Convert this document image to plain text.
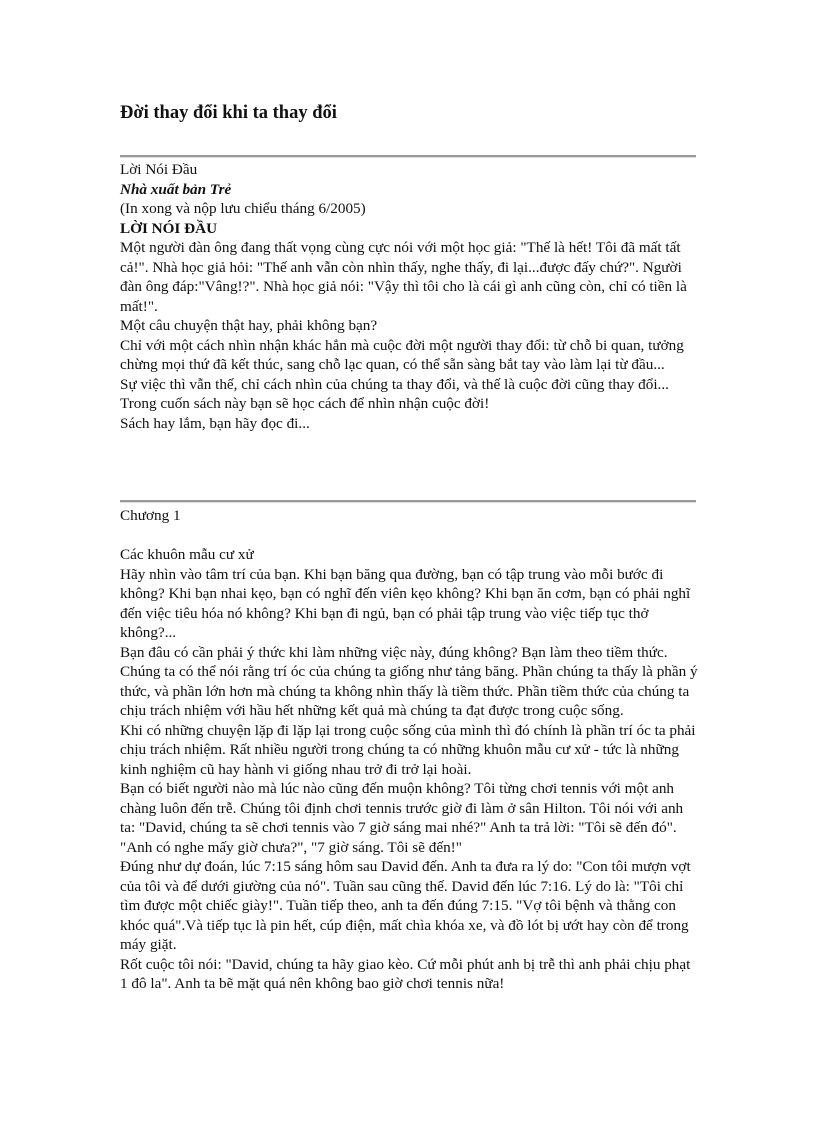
Đời thay đổi khi ta thay đổi

Lời Nói Đầu

Nhà xuất bản Trẻ

(In xong và nộp lưu chiểu tháng 6/2005)

LỜI NÓI ĐẦU

Một người đàn ông đang thất vọng cùng cực nói với một học giả: "Thế là hết! Tôi đã mất tất cả!". Nhà học giả hỏi: "Thế anh vẫn còn nhìn thấy, nghe thấy, đi lại...được đấy chứ?". Người đàn ông đáp:"Vâng!?". Nhà học giả nói: "Vậy thì tôi cho là cái gì anh cũng còn, chỉ có tiền là mất!".

Một câu chuyện thật hay, phải không bạn?

Chỉ với một cách nhìn nhận khác hẳn mà cuộc đời một người thay đổi: từ chỗ bi quan, tưởng chừng mọi thứ đã kết thúc, sang chỗ lạc quan, có thể sẵn sàng bắt tay vào làm lại từ đầu...

Sự việc thì vẫn thế, chỉ cách nhìn của chúng ta thay đổi, và thế là cuộc đời cũng thay đổi...

Trong cuốn sách này bạn sẽ học cách để nhìn nhận cuộc đời!

Sách hay lắm, bạn hãy đọc đi...

Chương 1

Các khuôn mẫu cư xử

Hãy nhìn vào tâm trí của bạn. Khi bạn băng qua đường, bạn có tập trung vào mỗi bước đi không? Khi bạn nhai kẹo, bạn có nghĩ đến viên kẹo không? Khi bạn ăn cơm, bạn có phải nghĩ đến việc tiêu hóa nó không? Khi bạn đi ngủ, bạn có phải tập trung vào việc tiếp tục thở không?...

Bạn đâu có cần phải ý thức khi làm những việc này, đúng không? Bạn làm theo tiềm thức. Chúng ta có thể nói rằng trí óc của chúng ta giống như tảng băng. Phần chúng ta thấy là phần ý thức, và phần lớn hơn mà chúng ta không nhìn thấy là tiềm thức. Phần tiềm thức của chúng ta chịu trách nhiệm với hầu hết những kết quả mà chúng ta đạt được trong cuộc sống.

Khi có những chuyện lặp đi lặp lại trong cuộc sống của mình thì đó chính là phần trí óc ta phải chịu trách nhiệm. Rất nhiều người trong chúng ta có những khuôn mẫu cư xử - tức là những kinh nghiệm cũ hay hành vi giống nhau trở đi trở lại hoài.

Bạn có biết người nào mà lúc nào cũng đến muộn không? Tôi từng chơi tennis với một anh chàng luôn đến trễ. Chúng tôi định chơi tennis trước giờ đi làm ở sân Hilton. Tôi nói với anh ta: "David, chúng ta sẽ chơi tennis vào 7 giờ sáng mai nhé?" Anh ta trả lời: "Tôi sẽ đến đó". "Anh có nghe mấy giờ chưa?", "7 giờ sáng. Tôi sẽ đến!"

Đúng như dự đoán, lúc 7:15 sáng hôm sau David đến. Anh ta đưa ra lý do: "Con tôi mượn vợt của tôi và để dưới giường của nó". Tuần sau cũng thế. David đến lúc 7:16. Lý do là: "Tôi chỉ tìm được một chiếc giày!". Tuần tiếp theo, anh ta đến đúng 7:15. "Vợ tôi bệnh và thằng con khóc quá".Và tiếp tục là pin hết, cúp điện, mất chìa khóa xe, và đồ lót bị ướt hay còn để trong máy giặt.

Rốt cuộc tôi nói: "David, chúng ta hãy giao kèo. Cứ mỗi phút anh bị trễ thì anh phải chịu phạt 1 đô la". Anh ta bẽ mặt quá nên không bao giờ chơi tennis nữa!
